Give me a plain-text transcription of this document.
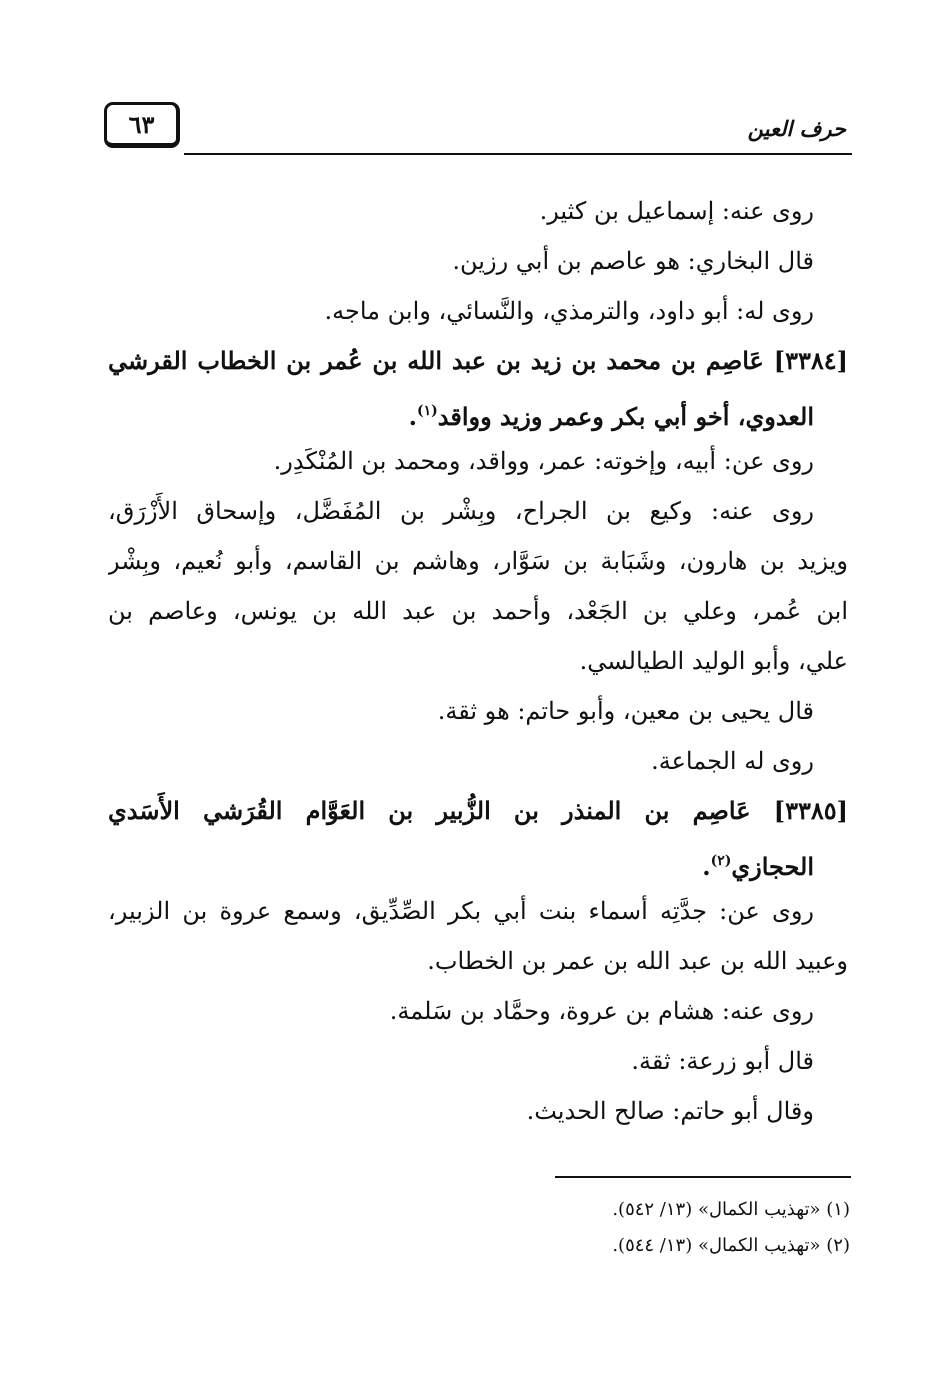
٦٣	حرف العين
روى عنه: إسماعيل بن كثير.
قال البخاري: هو عاصم بن أبي رزين.
روى له: أبو داود، والترمذي، والنَّسائي، وابن ماجه.
[٣٣٨٤] عَاصِم بن محمد بن زيد بن عبد الله بن عُمر بن الخطاب القرشي
العدوي، أخو أبي بكر وعمر وزيد وواقد$^{(١)}$.
روى عن: أبيه، وإخوته: عمر، وواقد، ومحمد بن المُنْكَدِر.
روى عنه: وكيع بن الجراح، وبِشْر بن المُفَضَّل، وإسحاق الأَزْرَق،
ويزيد بن هارون، وشَبَابة بن سَوَّار، وهاشم بن القاسم، وأبو نُعيم، وبِشْر
ابن عُمر، وعلي بن الجَعْد، وأحمد بن عبد الله بن يونس، وعاصم بن
علي، وأبو الوليد الطيالسي.
قال يحيى بن معين، وأبو حاتم: هو ثقة.
روى له الجماعة.
[٣٣٨٥] عَاصِم بن المنذر بن الزُّبير بن العَوَّام القُرَشي الأَسَدي
الحجازي$^{(٢)}$.
روى عن: جدَّتِه أسماء بنت أبي بكر الصِّدِّيق، وسمع عروة بن الزبير،
وعبيد الله بن عبد الله بن عمر بن الخطاب.
روى عنه: هشام بن عروة، وحمَّاد بن سَلمة.
قال أبو زرعة: ثقة.
وقال أبو حاتم: صالح الحديث.
(١) «تهذيب الكمال» (١٣/ ٥٤٢).
(٢) «تهذيب الكمال» (١٣/ ٥٤٤).
